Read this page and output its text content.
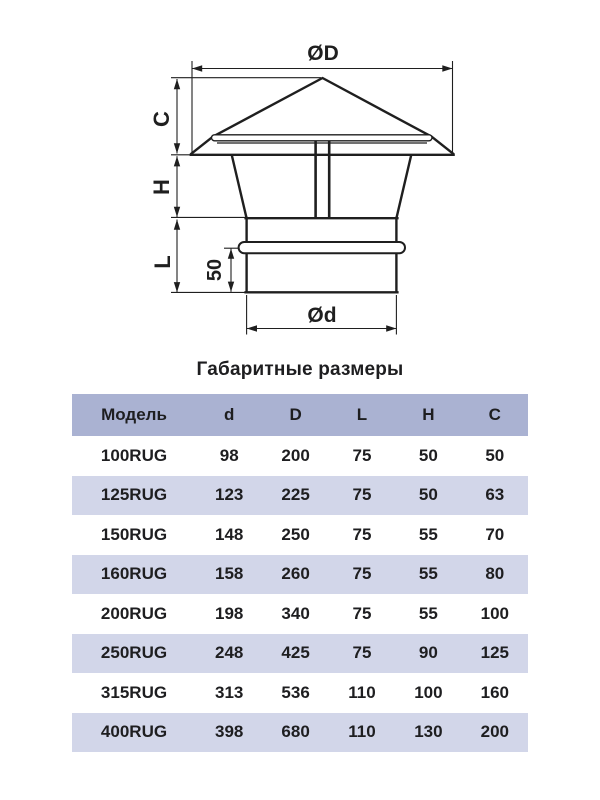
ØD
C
H
L 50
Ød
Габаритные размеры
Модель	d	D	L	H	C
100RUG	98	200	75	50	50
125RUG	123	225	75	50	63
150RUG	148	250	75	55	70
160RUG	158	260	75	55	80
200RUG	198	340	75	55	100
250RUG	248	425	75	90	125
315RUG	313	536	110	100	160
400RUG	398	680	110	130	200
